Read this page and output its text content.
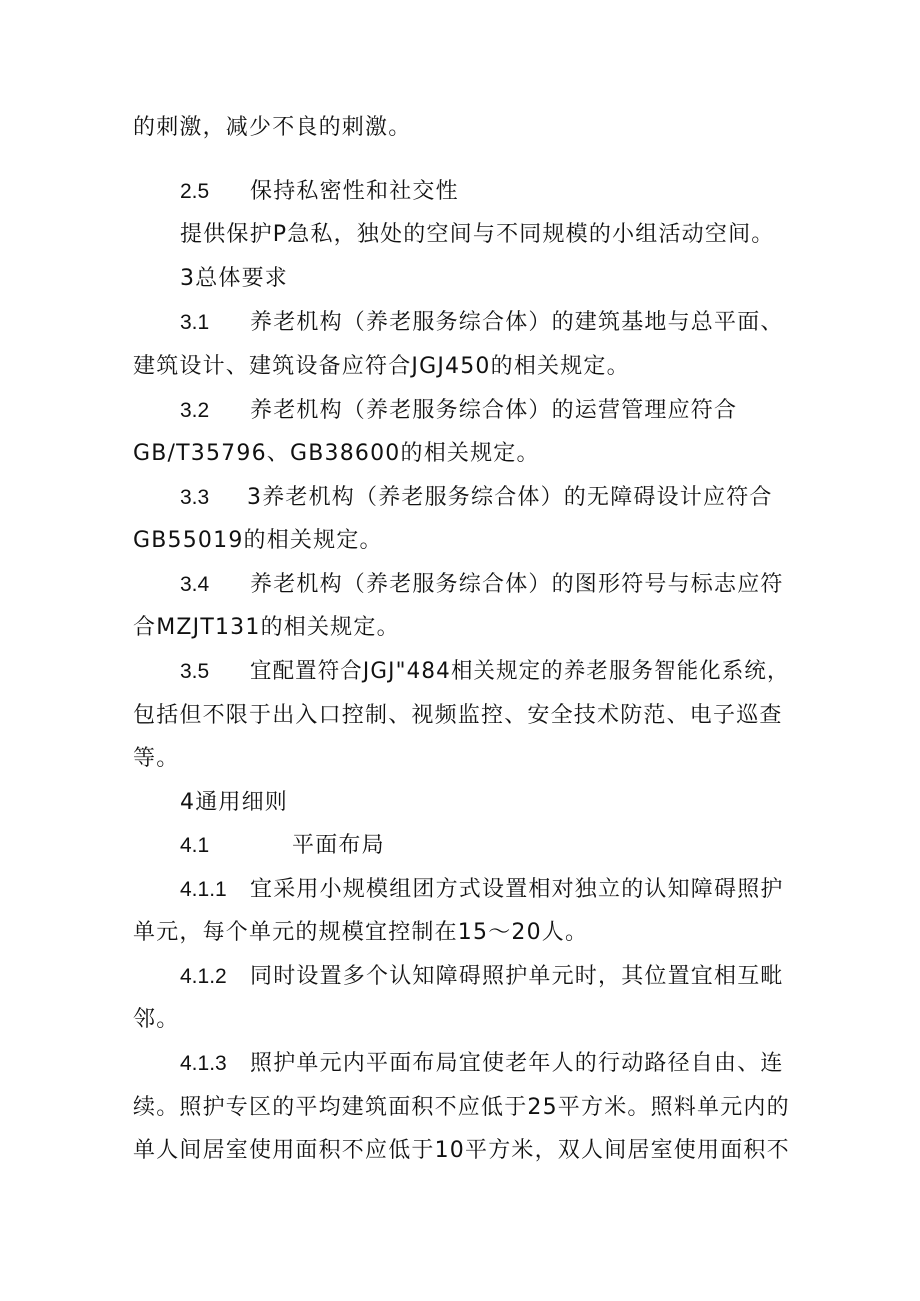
的刺激，减少不良的刺激。
2.5 保持私密性和社交性
提供保护P急私，独处的空间与不同规模的小组活动空间。
3总体要求
3.1 养老机构（养老服务综合体）的建筑基地与总平面、
建筑设计、建筑设备应符合JGJ450的相关规定。
3.2 养老机构（养老服务综合体）的运营管理应符合
GB/T35796、GB38600的相关规定。
3.3 3养老机构（养老服务综合体）的无障碍设计应符合
GB55019的相关规定。
3.4 养老机构（养老服务综合体）的图形符号与标志应符
合MZJT131的相关规定。
3.5 宜配置符合JGJ"484相关规定的养老服务智能化系统，
包括但不限于出入口控制、视频监控、安全技术防范、电子巡查
等。
4通用细则
4.1	平面布局
4.1.1 宜采用小规模组团方式设置相对独立的认知障碍照护
单元，每个单元的规模宜控制在15～20人。
4.1.2 同时设置多个认知障碍照护单元时，其位置宜相互毗
邻。
4.1.3 照护单元内平面布局宜使老年人的行动路径自由、连
续。照护专区的平均建筑面积不应低于25平方米。照料单元内的
单人间居室使用面积不应低于10平方米，双人间居室使用面积不
